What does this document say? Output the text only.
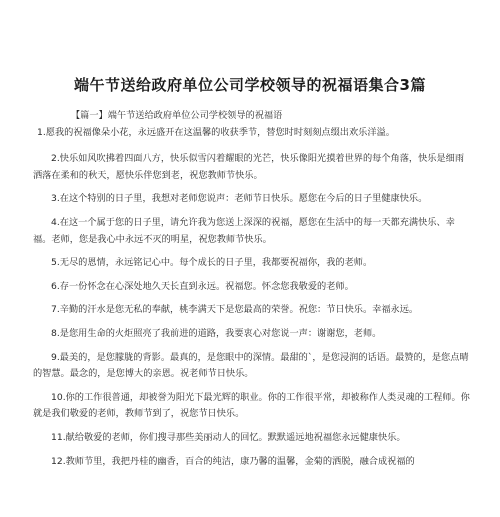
端午节送给政府单位公司学校领导的祝福语集合3篇

【篇一】端午节送给政府单位公司学校领导的祝福语

1.愿我的祝福像朵小花，永远盛开在这温馨的收获季节，替您时时刻刻点缀出欢乐洋溢。

2.快乐如风吹拂着四面八方，快乐似雪闪着耀眼的光芒，快乐像阳光摸着世界的每个角落，快乐是细雨洒落在柔和的秋天，愿快乐伴您到老，祝您教师节快乐。

3.在这个特别的日子里，我想对老师您说声：老师节日快乐。愿您在今后的日子里健康快乐。

4.在这一个属于您的日子里，请允许我为您送上深深的祝福，愿您在生活中的每一天都充满快乐、幸福。老师，您是我心中永远不灭的明星，祝您教师节快乐。

5.无尽的恩情，永远铭记心中。每个成长的日子里，我都要祝福你，我的老师。

6.存一份怀念在心深处地久天长直到永远。祝福您。怀念您我敬爱的老师。

7.辛勤的汗水是您无私的奉献，桃李满天下是您最高的荣誉。祝您：节日快乐。幸福永远。

8.是您用生命的火炬照亮了我前进的道路，我要衷心对您说一声：谢谢您，老师。

9.最美的，是您朦胧的背影。最真的，是您眼中的深情。最甜的`，是您浸润的话语。最赞的，是您点晴的智慧。最念的，是您博大的亲恩。祝老师节日快乐。

10.你的工作很普通，却被誉为阳光下最光辉的职业。你的工作很平常，却被称作人类灵魂的工程师。你就是我们敬爱的老师，教师节到了，祝您节日快乐。

11.献给敬爱的老师，你们搜寻那些美丽动人的回忆。默默遥远地祝福您永远健康快乐。

12.教师节里，我把丹桂的幽香，百合的纯洁，康乃馨的温馨，金菊的洒脱，融合成祝福的
